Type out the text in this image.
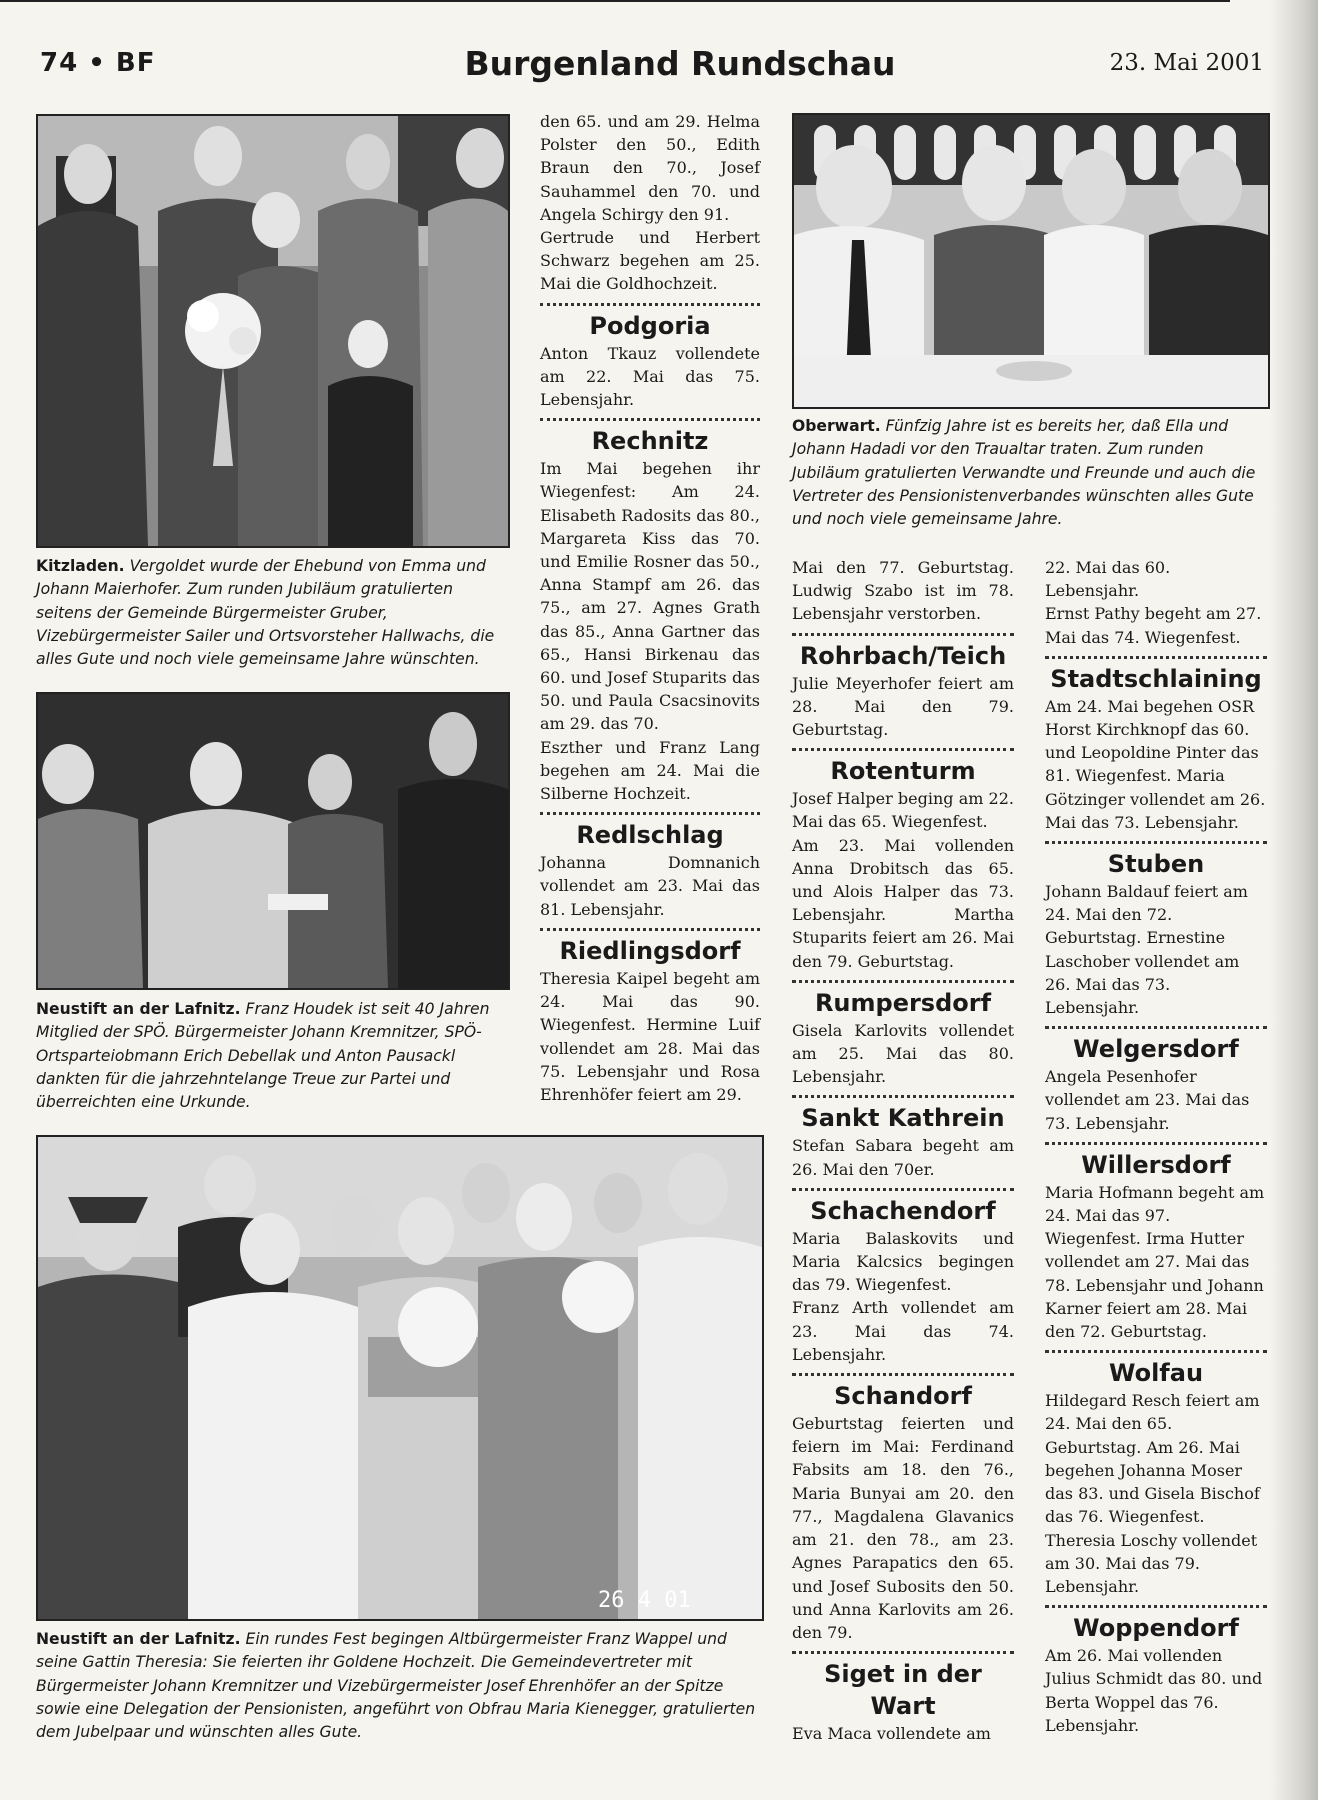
74 • BF	Burgenland Rundschau	23. Mai 2001
Kitzladen. Vergoldet wurde der Ehebund von Emma und Johann Maierhofer. Zum runden Jubiläum gratulierten seitens der Gemeinde Bürgermeister Gruber, Vizebürgermeister Sailer und Ortsvorsteher Hallwachs, die alles Gute und noch viele gemeinsame Jahre wünschten.
Neustift an der Lafnitz. Franz Houdek ist seit 40 Jahren Mitglied der SPÖ. Bürgermeister Johann Kremnitzer, SPÖ-Ortsparteiobmann Erich Debellak und Anton Pausackl dankten für die jahrzehntelange Treue zur Partei und überreichten eine Urkunde.
Oberwart. Fünfzig Jahre ist es bereits her, daß Ella und Johann Hadadi vor den Traualtar traten. Zum runden Jubiläum gratulierten Verwandte und Freunde und auch die Vertreter des Pensionistenverbandes wünschten alles Gute und noch viele gemeinsame Jahre.
26 4 01
Neustift an der Lafnitz. Ein rundes Fest begingen Altbürgermeister Franz Wappel und seine Gattin Theresia: Sie feierten ihr Goldene Hochzeit. Die Gemeindevertreter mit Bürgermeister Johann Kremnitzer und Vizebürgermeister Josef Ehrenhöfer an der Spitze sowie eine Delegation der Pensionisten, angeführt von Obfrau Maria Kienegger, gratulierten dem Jubelpaar und wünschten alles Gute.

den 65. und am 29. Helma Polster den 50., Edith Braun den 70., Josef Sauhammel den 70. und Angela Schirgy den 91.

Gertrude und Herbert Schwarz begehen am 25. Mai die Goldhochzeit.

Podgoria

Anton Tkauz vollendete am 22. Mai das 75. Lebensjahr.

Rechnitz

Im Mai begehen ihr Wiegenfest: Am 24. Elisabeth Radosits das 80., Margareta Kiss das 70. und Emilie Rosner das 50., Anna Stampf am 26. das 75., am 27. Agnes Grath das 85., Anna Gartner das 65., Hansi Birkenau das 60. und Josef Stuparits das 50. und Paula Csacsinovits am 29. das 70.

Eszther und Franz Lang begehen am 24. Mai die Silberne Hochzeit.

Redlschlag

Johanna Domnanich vollendet am 23. Mai das 81. Lebensjahr.

Riedlingsdorf

Theresia Kaipel begeht am 24. Mai das 90. Wiegenfest. Hermine Luif vollendet am 28. Mai das 75. Lebensjahr und Rosa Ehrenhöfer feiert am 29.

Mai den 77. Geburtstag. Ludwig Szabo ist im 78. Lebensjahr verstorben.

Rohrbach/Teich

Julie Meyerhofer feiert am 28. Mai den 79. Geburtstag.

Rotenturm

Josef Halper beging am 22. Mai das 65. Wiegenfest.

Am 23. Mai vollenden Anna Drobitsch das 65. und Alois Halper das 73. Lebensjahr. Martha Stuparits feiert am 26. Mai den 79. Geburtstag.

Rumpersdorf

Gisela Karlovits vollendet am 25. Mai das 80. Lebensjahr.

Sankt Kathrein

Stefan Sabara begeht am 26. Mai den 70er.

Schachendorf

Maria Balaskovits und Maria Kalcsics begingen das 79. Wiegenfest.

Franz Arth vollendet am 23. Mai das 74. Lebensjahr.

Schandorf

Geburtstag feierten und feiern im Mai: Ferdinand Fabsits am 18. den 76., Maria Bunyai am 20. den 77., Magdalena Glavanics am 21. den 78., am 23. Agnes Parapatics den 65. und Josef Subosits den 50. und Anna Karlovits am 26. den 79.

Siget in der Wart

Eva Maca vollendete am

22. Mai das 60. Lebensjahr.

Ernst Pathy begeht am 27. Mai das 74. Wiegenfest.

Stadtschlaining

Am 24. Mai begehen OSR Horst Kirchknopf das 60. und Leopoldine Pinter das 81. Wiegenfest. Maria Götzinger vollendet am 26. Mai das 73. Lebensjahr.

Stuben

Johann Baldauf feiert am 24. Mai den 72. Geburtstag. Ernestine Laschober vollendet am 26. Mai das 73. Lebensjahr.

Welgersdorf

Angela Pesenhofer vollendet am 23. Mai das 73. Lebensjahr.

Willersdorf

Maria Hofmann begeht am 24. Mai das 97. Wiegenfest. Irma Hutter vollendet am 27. Mai das 78. Lebensjahr und Johann Karner feiert am 28. Mai den 72. Geburtstag.

Wolfau

Hildegard Resch feiert am 24. Mai den 65. Geburtstag. Am 26. Mai begehen Johanna Moser das 83. und Gisela Bischof das 76. Wiegenfest. Theresia Loschy vollendet am 30. Mai das 79. Lebensjahr.

Woppendorf

Am 26. Mai vollenden Julius Schmidt das 80. und Berta Woppel das 76. Lebensjahr.
